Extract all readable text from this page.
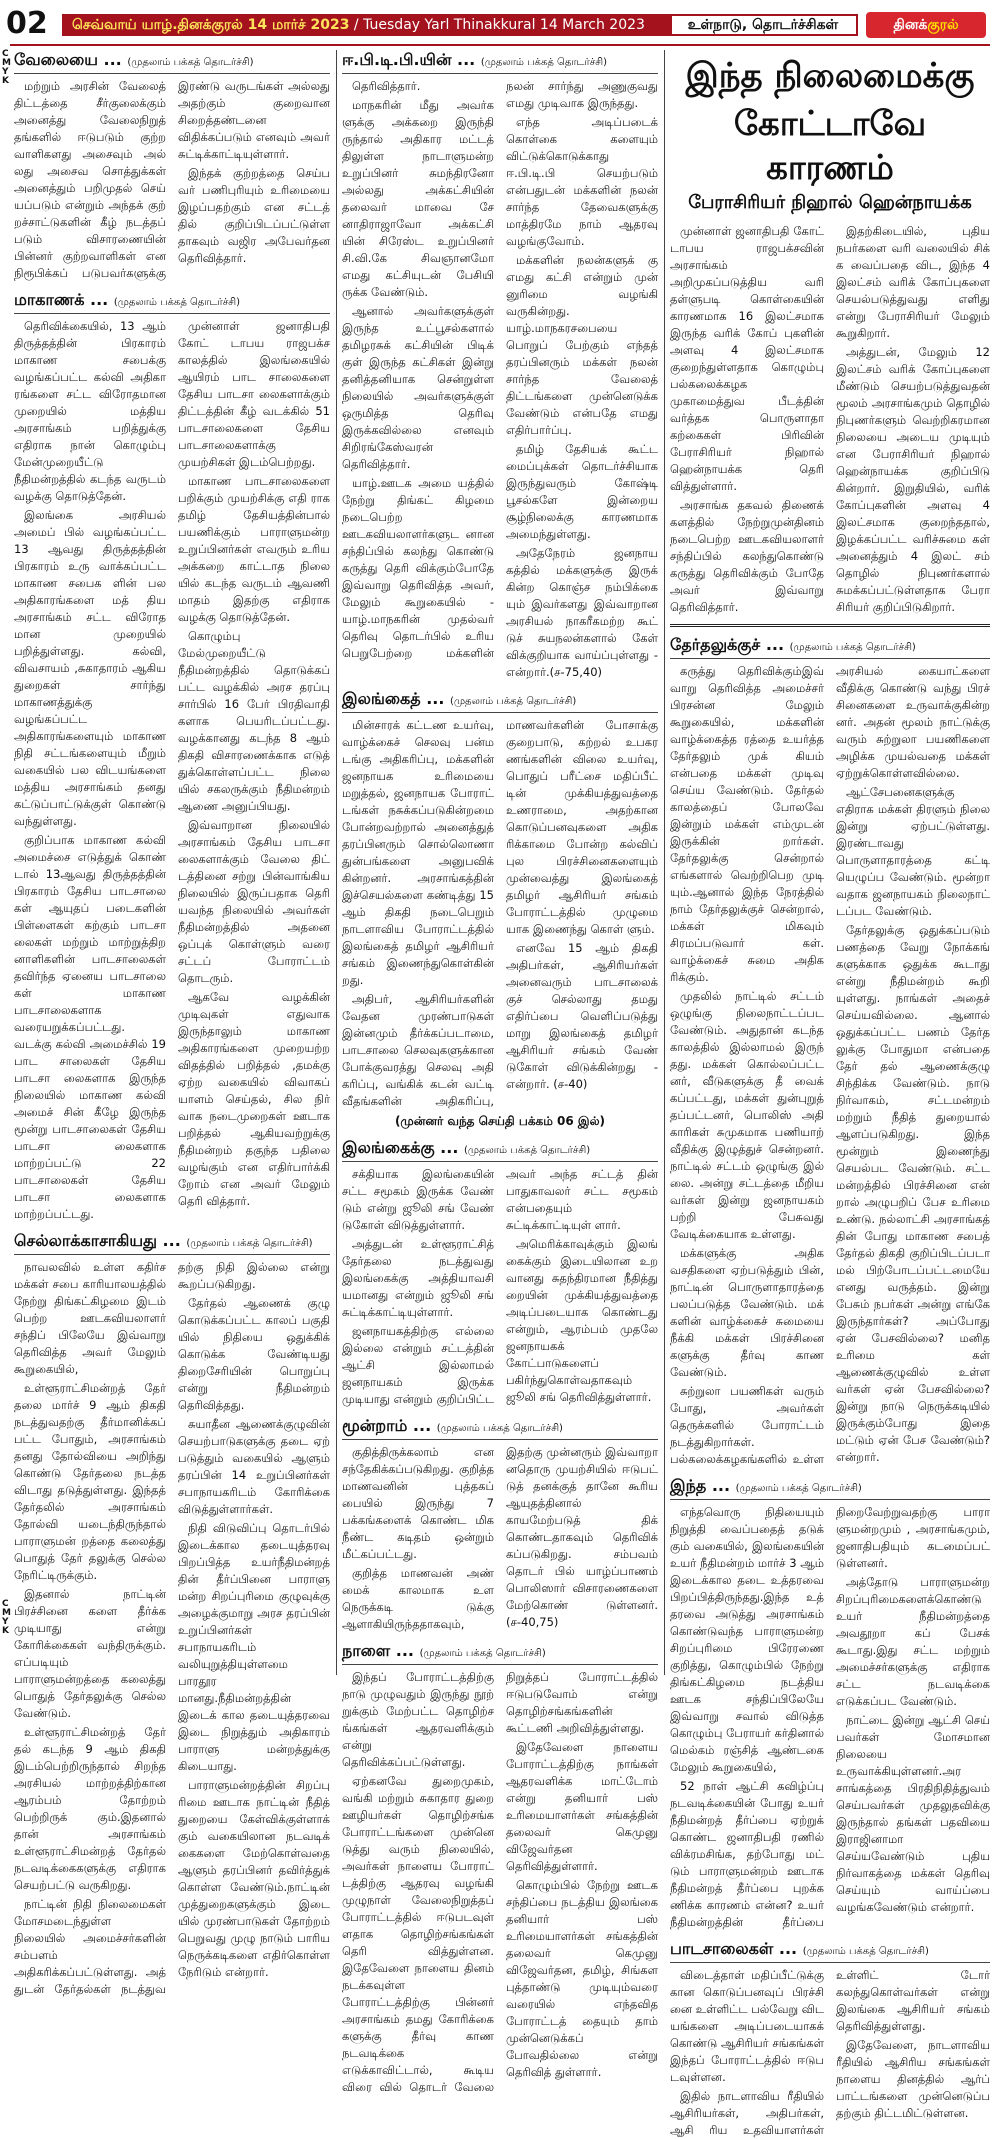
02	செவ்வாய் யாழ்.தினக்குரல் 14 மார்ச் 2023 / Tuesday Yarl Thinakkural 14 March 2023	உள்நாடு, தொடர்ச்சிகள்	தினக்குரல்
C
M
Y
K
C
M
Y
K
வேலையை ... (முதலாம் பக்கத் தொடர்ச்சி)

மற்றும் அரசின் வேலைத் திட்டத்தை சீர்குலைக்கும் அனைத்து வேலைநிறுத் தங்களில் ஈடுபடும் குற்ற வாளிகளது அசைவும் அல் லது அசைவ சொத்துக்கள் அனைத்தும் பறிமுதல் செய் யப்படும் என்றும் அந்தக் குற் றச்சாட்டுகளின் கீழ் நடத்தப் படும் விசாரணையின் பின்னர் குற்றவாளிகள் என நிரூபிக்கப் படுபவர்களுக்கு இரண்டு வருடங்கள் அல்லது அதற்கும் குறைவான சிறைத்தண்டனை விதிக்கப்படும் எனவும் அவர் சுட்டிக்காட்டியுள்ளார்.

இந்தக் குற்றத்தை செய்ப வர் பணிபுரியும் உரிமையை இழப்பதற்கும் என சட்டத் தில் குறிப்பிடப்பட்டுள்ள தாகவும் வஜிர அபேவர்தன தெரிவித்தார்.

மாகாணக் ... (முதலாம் பக்கத் தொடர்ச்சி)

தெரிவிக்கையில், 13 ஆம் திருத்தத்தின் பிரகாரம் மாகாண சபைக்கு வழங்கப்பட்ட கல்வி அதிகா ரங்களை சட்ட விரோதமான முறையில் மத்திய அரசாங்கம் பறித்துக்கு எதிராக நான் கொழும்பு மேன்முறையீட்டு நீதிமன்றத்தில் கடந்த வருடம் வழக்கு தொடுத்தேன்.

இலங்கை அரசியல் அமைப் பில் வழங்கப்பட்ட 13 ஆவது திருத்தத்தின் பிரகாரம் உரு வாக்கப்பட்ட மாகாண சபைக ளின் பல அதிகாரங்களை மத் திய அரசாங்கம் சட்ட விரோத மான முறையில் பறித்துள்ளது. கல்வி, விவசாயம் ,சுகாதாரம் ஆகிய துறைகள் சார்ந்து மாகாணத்துக்கு வழங்கப்பட்ட அதிகாரங்களையும் மாகாண நிதி சட்டங்களையும் மீறும் வகையில் பல விடயங்களை மத்திய அரசாங்கம் தனது கட்டுப்பாட்டுக்குள் கொண்டு வந்துள்ளது.

குறிப்பாக மாகாண கல்வி அமைச்சை எடுத்துக் கொண் டால் 13ஆவது திருத்தத்தின் பிரகாரம் தேசிய பாடசாலை கள் ஆயுதப் படைகளின் பிள்ளைகள் கற்கும் பாடசா லைகள் மற்றும் மாற்றுத்திற னாளிகளின் பாடசாலைகள் தவிர்ந்த ஏனைய பாடசாலை கள் மாகாண பாடசாலைகளாக வரையறுக்கப்பட்டது. வடக்கு கல்வி அமைச்சில் 19 பாட சாலைகள் தேசிய பாடசா லைகளாக இருந்த நிலையில் மாகாண கல்வி அமைச் சின் கீழே இருந்த மூன்று பாடசாலைகள் தேசிய பாடசா லைகளாக மாற்றப்பட்டு 22 பாடசாலைகள் தேசிய பாடசா லைகளாக மாற்றப்பட்டது.

முன்னாள் ஜனாதிபதி கோட் டாபய ராஜபக்ச காலத்தில் இலங்கையில் ஆயிரம் பாட சாலைகளை தேசிய பாடசா லைகளாக்கும் திட்டத்தின் கீழ் வடக்கில் 51 பாடசாலைகளை தேசிய பாடசாலைகளாக்கு முயற்சிகள் இடம்பெற்றது.

மாகாண பாடசாலைகளை பறிக்கும் முயற்சிக்கு எதி ராக தமிழ் தேசியத்தின்பால் பயணிக்கும் பாராளுமன்ற உறுப்பினர்கள் எவரும் உரிய அக்கறை காட்டாத நிலை யில் கடந்த வருடம் ஆவணி மாதம் இதற்கு எதிராக வழக்கு தொடுத்தேன்.

கொழும்பு மேல்முறையீட்டு நீதிமன்றத்தில் தொடுக்கப் பட்ட வழக்கில் அரச தரப்பு சார்பில் 16 பேர் பிரதிவாதி களாக பெயரிடப்பட்டது. வழக்கானது கடந்த 8 ஆம் திகதி விசாரணைக்காக எடுத் துக்கொள்ளப்பட்ட நிலை யில் சகலருக்கும் நீதிமன்றம் ஆணை அனுப்பியது.

இவ்வாறான நிலையில் அரசாங்கம் தேசிய பாடசா லைகளாக்கும் வேலை திட் டத்தினை சற்று பின்வாங்கிய நிலையில் இருப்பதாக தெரி யவந்த நிலையில் அவர்கள் நீதிமன்றத்தில் அதனை ஒப்புக் கொள்ளும் வரை சட்டப் போராட்டம் தொடரும்.

ஆகவே வழக்கின் முடிவுகள் எதுவாக இருந்தாலும் மாகாண அதிகாரங்களை முறையற்ற விதத்தில் பறித்தல் ,தமக்கு ஏற்ற வகையில் விவாகப் யாளம் செய்தல், சில நிர் வாக நடைமுறைகள் ஊடாக பறித்தல் ஆகியவற்றுக்கு நீதிமன்றம் தகுந்த பதிலை வழங்கும் என எதிர்பார்க்கி றோம் என அவர் மேலும் தெரி வித்தார்.

செல்லாக்காசாகியது ... (முதலாம் பக்கத் தொடர்ச்சி)

நாவலவில் உள்ள கதிர்ச மக்கள் சபை காரியாலயத்தில் நேற்று திங்கட்கிழமை இடம் பெற்ற ஊடகவியலாளர் சந்திப் பிலேயே இவ்வாறு தெரிவித்த அவர் மேலும் கூறுகையில்,

உள்ளூராட்சிமன்றத் தேர் தலை மார்ச் 9 ஆம் திகதி நடத்துவதற்கு தீர்மானிக்கப் பட்ட போதும், அரசாங்கம் தனது தோல்வியை அறிந்து கொண்டு தேர்தலை நடத்த விடாது தடுத்துள்ளது. இந்தத் தேர்தலில் அரசாங்கம் தோல்வி யடைந்திருந்தால் பாராளுமன் றத்தை கலைத்து பொதுத் தேர் தலுக்கு செல்ல நேரிட்டிருக்கும்.

இதனால் நாட்டின் பிரச்சினை களை தீர்க்க முடியாது என்று கோரிக்கைகள் வந்திருக்கும். எப்படியும் பாராளுமன்றத்தை கலைத்து பொதுத் தேர்தலுக்கு செல்ல வேண்டும்.

உள்ளூராட்சிமன்றத் தேர் தல் கடந்த 9 ஆம் திகதி இடம்பெற்றிருந்தால் சிறந்த அரசியல் மாற்றத்திற்கான ஆரம்பம் தோற்றம் பெற்றிருக் கும்.இதனால் தான் அரசாங்கம் உள்ளூராட்சிமன்றத் தேர்தல் நடவடிக்கைகளுக்கு எதிராக செயற்பட்டு வருகிறது.

நாட்டின் நிதி நிலைமைகள் மோசமடைந்துள்ள நிலையில் அமைச்சர்களின் சம்பளம் அதிகரிக்கப்பட்டுள்ளது. அத் துடன் தேர்தல்கள் நடத்துவ தற்கு நிதி இல்லை என்று கூறப்படுகிறது.

தேர்தல் ஆணைக் குழு கொடுக்கப்பட்ட காலப் பகுதி யில் நிதியை ஒதுக்கிக் கொடுக்க வேண்டியது திறைசேரியின் பொறுப்பு என்று நீதிமன்றம் தெரிவித்தது.

சுயாதீன ஆணைக்குழுவின் செயற்பாடுகளுக்கு தடை ஏற் படுத்தும் வகையில் ஆளும் தரப்பின் 14 உறுப்பினர்கள் சபாநாயகரிடம் கோரிக்கை விடுத்துள்ளார்கள்.

நிதி விடுவிப்பு தொடர்பில் இடைக்கால தடையுத்தரவு பிறப்பித்த உயர்நீதிமன்றத் தின் தீர்ப்பினை பாராளு மன்ற சிறப்புரிமை குழுவுக்கு அழைக்குமாறு அரச தரப்பின் உறுப்பினர்கள் சபாநாயகரிடம் வலியுறுத்தியுள்ளமை பாரதூர மானது.நீதிமன்றத்தின் இடைக் கால தடையுத்தரவை இடை நிறுத்தும் அதிகாரம் பாராளு மன்றத்துக்கு கிடையாது.

பாராளுமன்றத்தின் சிறப்பு ரிமை ஊடாக நாட்டின் நீதித் துறையை கேள்விக்குள்ளாக் கும் வகையிலான நடவடிக் கைகளை மேற்கொள்வதை ஆளும் தரப்பினர் தவிர்த்துக் கொள்ள வேண்டும்.நாட்டின் முத்துறைகளுக்கும் இடை யில் முரண்பாடுகள் தோற்றம் பெறுவது முழு நாடும் பாரிய நெருக்கடிகளை எதிர்கொள்ள நேரிடும் என்றார்.

ஈ.பி.டி.பி.யின் ... (முதலாம் பக்கத் தொடர்ச்சி)

தெரிவித்தார்.

மாநகரின் மீது அவர்க ளுக்கு அக்கறை இருந்தி ருந்தால் அதிகார மட்டத் திலுள்ள நாடாளுமன்ற உறுப்பினர் சுமந்திரனோ அல்லது அக்கட்சியின் தலைவர் மாவை சே னாதிராஜாவோ அக்கட்சி யின் சிரேஸ்ட உறுப்பினர் சி.வி.கே சிவஞானமோ எமது கட்சியுடன் பேசியி ருக்க வேண்டும்.

ஆனால் அவர்களுக்குள் இருந்த உட்பூசல்களால் தமிழரசுக் கட்சியின் பிடிக் குள் இருந்த கட்சிகள் இன்று தனித்தனியாக சென்றுள்ள நிலையில் அவர்களுக்குள் ஒருமித்த தெரிவு இருக்கவில்லை எனவும் சிறிரங்கேஸ்வரன் தெரிவித்தார்.

யாழ்.ஊடக அமை யத்தில் நேற்று திங்கட் கிழமை நடைபெற்ற ஊடகவியலாளர்களுட னான சந்திப்பில் கலந்து கொண்டு கருத்து தெரி விக்கும்போதே இவ்வாறு தெரிவித்த அவர், மேலும் கூறுகையில் - யாழ்.மாநகரின் முதல்வர் தெரிவு தொடர்பில் உரிய பெறுபேற்றை மக்களின் நலன் சார்ந்து அணுகுவது எமது முடிவாக இருந்தது.

எந்த அடிப்படைக் கொள்கை களையும் விட்டுக்கொடுக்காது ஈ.பி.டி.பி செயற்படும் என்பதுடன் மக்களின் நலன் சார்ந்த தேவைகளுக்கு மாத்திரமே நாம் ஆதரவு வழங்குவோம்.

மக்களின் நலன்களுக் கு எமது கட்சி என்றும் முன் னுரிமை வழங்கி வருகின்றது. யாழ்.மாநகரசபையை பொறுப் பேற்கும் எந்தத் தரப்பினரும் மக்கள் நலன் சார்ந்த வேலைத் திட்டங்களை முன்னெடுக்க வேண்டும் என்பதே எமது எதிர்பார்ப்பு.

தமிழ் தேசியக் கூட்ட மைப்புக்கள் தொடர்ச்சியாக இருந்துவரும் கோஷ்டி பூசல்களே இன்றைய சூழ்நிலைக்கு காரணமாக அமைந்துள்ளது.

அதேநேரம் ஜனநாய கத்தில் மக்களுக்கு இருக் கின்ற கொஞ்ச நம்பிக்கை யும் இவர்களது இவ்வாறான அரசியல் நாகரீகமற்ற கூட் டுச் சுயநலன்களால் கேள் விக்குறியாக வாய்ப்புள்ளது - என்றார்.(ச-75,40)

இலங்கைத் ... (முதலாம் பக்கத் தொடர்ச்சி)

மின்சாரக் கட்டண உயர்வு, வாழ்க்கைச் செலவு பன்ம டங்கு அதிகரிப்பு, மக்களின் ஜனநாயக உரிமையை மறுத்தல், ஜனநாயக போராட் டங்கள் நசுக்கப்படுகின்றமை போன்றவற்றால் அனைத்துத் தரப்பினரும் சொல்லொணா துன்பங்களை அனுபவிக் கின்றனர். அரசாங்கத்தின் இச்செயல்களை கண்டித்து 15 ஆம் திகதி நடைபெறும் நாடளாவிய போராட்டத்தில் இலங்கைத் தமிழர் ஆசிரியர் சங்கம் இணைந்துகொள்கின் றது.

அதிபர், ஆசிரியர்களின் வேதன முரண்பாடுகள் இன்னமும் தீர்க்கப்படாமை, பாடசாலை செலவுகளுக்கான போக்குவரத்து செலவு அதி கரிப்பு, வங்கிக் கடன் வட்டி வீதங்களின் அதிகரிப்பு, மாணவர்களின் போசாக்கு குறைபாடு, கற்றல் உபகர ணங்களின் விலை உயர்வு, பொதுப் பரீட்சை மதிப்பீட் டின் முக்கியத்துவத்தை உணராமை, அதற்கான கொடுப்பனவுகளை அதிக ரிக்காமை போன்ற கல்விப் புல பிரச்சினைகளையும் முன்வைத்து இலங்கைத் தமிழர் ஆசிரியர் சங்கம் போராட்டத்தில் முழுமை யாக இணைந்து கொள் ளும்.

எனவே 15 ஆம் திகதி அதிபர்கள், ஆசிரியர்கள் அனைவரும் பாடசாலைக் குச் செல்லாது தமது எதிர்ப்பை வெளிப்படுத்து மாறு இலங்கைத் தமிழர் ஆசிரியர் சங்கம் வேண் டுகோள் விடுக்கின்றது - என்றார். (ச-40)

(முன்னர் வந்த செய்தி பக்கம் 06 இல்)
இலங்கைக்கு ... (முதலாம் பக்கத் தொடர்ச்சி)

சக்தியாக இலங்கையின் சட்ட சமூகம் இருக்க வேண் டும் என்று ஜூலி சங் வேண் டுகோள் விடுத்துள்ளார்.

அத்துடன் உள்ளூராட்சித் தேர்தலை நடத்துவது இலங்கைக்கு அத்தியாவசி யமானது என்றும் ஜூலி சங் சுட்டிக்காட்டியுள்ளார்.

ஜனநாயகத்திற்கு எல்லை இல்லை என்றும் சட்டத்தின் ஆட்சி இல்லாமல் ஜனநாயகம் இருக்க முடியாது என்றும் குறிப்பிட்ட அவர் அந்த சட்டத் தின் பாதுகாவலர் சட்ட சமூகம் என்பதையும் சுட்டிக்காட்டியுள் ளார்.

அமெரிக்காவுக்கும் இலங் கைக்கும் இடையிலான உற வானது சுதந்திரமான நீதித்து றையின் முக்கியத்துவத்தை அடிப்படையாக கொண்டது என்றும், ஆரம்பம் முதலே ஜனநாயகக் கோட்பாடுகளைப் பகிர்ந்துகொள்வதாகவும் ஜூலி சங் தெரிவித்துள்ளார்.

மூன்றாம் ... (முதலாம் பக்கத் தொடர்ச்சி)

குதித்திருக்கலாம் என சந்தேகிக்கப்படுகிறது. குறித்த மாணவனின் புத்தகப் பையில் இருந்து 7 பக்கங்களைக் கொண்ட மிக நீண்ட கடிதம் ஒன்றும் மீட்கப்பட்டது.

குறித்த மாணவன் அண் மைக் காலமாக உள நெருக்கடி டுக்கு ஆளாகியிருந்ததாகவும், இதற்கு முன்னரும் இவ்வாறா னதொரு முயற்சியில் ஈடுபட் டுத் தனக்குத் தானே கூரிய ஆயுதத்தினால் காயமேற்படுத் திக் கொண்டதாகவும் தெரிவிக் கப்படுகிறது. சம்பவம் தொடர் பில் யாழ்ப்பாணம் பொலிஸார் விசாரணைகளை மேற்கொண் டுள்ளனர்.(ச-40,75)

நாளை ... (முதலாம் பக்கத் தொடர்ச்சி)

இந்தப் போராட்டத்திற்கு நாடு முழுவதும் இருந்து நூற் றுக்கும் மேற்பட்ட தொழிற்ச ங்கங்கள் ஆதரவளிக்கும் என்று தெரிவிக்கப்பட்டுள்ளது.

ஏற்கனவே துறைமுகம், வங்கி மற்றும் சுகாதார துறை ஊழியர்கள் தொழிற்சங்க போராட்டங்களை முன்னெ டுத்து வரும் நிலையில், அவர்கள் நாளைய போராட் டத்திற்கு ஆதரவு வழங்கி முழுநாள் வேலைநிறுத்தப் போராட்டத்தில் ஈடுபடவுள் ளதாக தொழிற்சங்கங்கள் தெரி வித்துள்ளன. இதேவேளை நாளைய தினம் நடக்கவுள்ள போராட்டத்திற்கு பின்னர் அரசாங்கம் தமது கோரிக்கை களுக்கு தீர்வு காண நடவடிக்கை எடுக்காவிட்டால், கூடிய விரை வில் தொடர் வேலை நிறுத்தப் போராட்டத்தில் ஈடுபடுவோம் என்று தொழிற்சங்கங்களின் கூட்டணி அறிவித்துள்ளது.

இதேவேளை நாளைய போராட்டத்திற்கு நாங்கள் ஆதரவளிக்க மாட்டோம் என்று தனியார் பஸ் உரிமையாளர்கள் சங்கத்தின் தலைவர் கெமுனு விஜேவர்தன தெரிவித்துள்ளார்.

கொழும்பில் நேற்று ஊடக சந்திப்பை நடத்திய இலங்கை தனியார் பஸ் உரிமையாளர்கள் சங்கத்தின் தலைவர் கெமுனு விஜேவர்தன, தமிழ், சிங்கள புத்தாண்டு முடியும்வரை வரையில் எந்தவித போராட்டத் தையும் தாம் முன்னெடுக்கப் போவதில்லை என்று தெரிவித் துள்ளார்.

இந்த நிலைமைக்கு
கோட்டாவே காரணம்
பேராசிரியர் நிஹால் ஹென்நாயக்க

முன்னாள் ஜனாதிபதி கோட் டாபய ராஜபக்சவின் அரசாங்கம் அறிமுகப்படுத்திய வரி தள்ளுபடி கொள்கையின் காரணமாக 16 இலட்சமாக இருந்த வரிக் கோப் புகளின் அளவு 4 இலட்சமாக குறைந்துள்ளதாக கொழும்பு பல்கலைக்கழக முகாமைத்துவ பீடத்தின் வர்த்தக பொருளாதா கற்கைகள் பிரிவின் பேராசிரியர் நிஹால் ஹென்நாயக்க தெரி வித்துள்ளார்.

அரசாங்க தகவல் திணைக் களத்தில் நேற்றுமுன்தினம் நடைபெற்ற ஊடகவியலாளர் சந்திப்பில் கலந்துகொண்டு கருத்து தெரிவிக்கும் போதே அவர் இவ்வாறு தெரிவித்தார்.

இதற்கிடையில், புதிய நபர்களை வரி வலையில் சிக் க வைப்பதை விட, இந்த 4 இலட்சம் வரிக் கோப்புகளை செயல்படுத்துவது எளிது என்று பேராசிரியர் மேலும் கூறுகிறார்.

அத்துடன், மேலும் 12 இலட்சம் வரிக் கோப்புகளை மீண்டும் செயற்படுத்துவதன் மூலம் அரசாங்கமும் தொழில் நிபுணர்களும் வெற்றிகரமான நிலையை அடைய முடியும் என பேராசிரியர் நிஹால் ஹென்நாயக்க குறிப்பிடு கின்றார். இறுதியில், வரிக் கோப்புகளின் அளவு 4 இலட்சமாக குறைந்ததால், இழக்கப்பட்ட வரிச்சுமை கள் அனைத்தும் 4 இலட் சம் தொழில் நிபுணர்களால் சுமக்கப்பட்டுள்ளதாக பேரா சிரியர் குறிப்பிடுகிறார்.

தேர்தலுக்குச் ... (முதலாம் பக்கத் தொடர்ச்சி)

கருத்து தெரிவிக்கும்இவ் வாறு தெரிவித்த அமைச்சர் பிரசன்ன மேலும் கூறுகையில், மக்களின் வாழ்க்கைத்த ரத்தை உயர்த்த தேர்தலும் முக் கியம் என்பதை மக்கள் முடிவு செய்ய வேண்டும். தேர்தல் காலத்தைப் போலவே இன்றும் மக்கள் எம்முடன் இருக்கின் றார்கள். தேர்தலுக்கு சென்றால் எங்களால் வெற்றிபெற முடி யும்.ஆனால் இந்த நேரத்தில் நாம் தேர்தலுக்குச் சென்றால், மக்கள் மிகவும் சிரமப்படுவார் கள். வாழ்க்கைச் சுமை அதிக ரிக்கும்.

முதலில் நாட்டில் சட்டம் ஒழுங்கு நிலைநாட்டப்பட வேண்டும். அதுதான் கடந்த காலத்தில் இல்லாமல் இருந் தது. மக்கள் கொல்லப்பட்ட னர், வீடுகளுக்கு தீ வைக் கப்பட்டது, மக்கள் துன்புறுத் தப்பட்டனர், பொலிஸ் அதி காரிகள் சுமுகமாக பணியாற் வீதிக்கு இழுத்துச் சென்றனர். நாட்டில் சட்டம் ஒழுங்கு இல் லை. அன்று சட்டத்தை மீறிய வர்கள் இன்று ஜனநாயகம் பற்றி பேசுவது வேடிக்கையாக உள்ளது.

மக்களுக்கு அதிக வசதிகளை ஏற்படுத்தும் பின், நாட்டின் பொருளாதாரத்தை பலப்படுத்த வேண்டும். மக் களின் வாழ்க்கைச் சுமையை நீக்கி மக்கள் பிரச்சினை களுக்கு தீர்வு காண வேண்டும்.

சுற்றுலா பயணிகள் வரும் போது, அவர்கள் தெருக்களில் போராட்டம் நடத்துகிறார்கள். பல்கலைக்கழகங்களில் உள்ள அரசியல் கையாட்களை வீதிக்கு கொண்டு வந்து பிரச் சினைகளை உருவாக்குகின்ற னர். அதன் மூலம் நாட்டுக்கு வரும் சுற்றுலா பயணிகளை அழிக்க முயல்வதை மக்கள் ஏற்றுக்கொள்ளவில்லை.

ஆட்சேபனைகளுக்கு எதிராக மக்கள் திரளும் நிலை இன்று ஏற்பட்டுள்ளது. இரண்டாவது பொருளாதாரத்தை கட்டி யெழுப்ப வேண்டும். மூன்றா வதாக ஜனநாயகம் நிலைநாட் டப்பட வேண்டும்.

தேர்தலுக்கு ஒதுக்கப்படும் பணத்தை வேறு நோக்கங் களுக்காக ஒதுக்க கூடாது என்று நீதிமன்றம் கூறி யுள்ளது. நாங்கள் அதைச் செய்யவில்லை. ஆனால் ஒதுக்கப்பட்ட பணம் தேர்த லுக்கு போதுமா என்பதை தேர் தல் ஆணைக்குழு சிந்திக்க வேண்டும். நாடு நிர்வாகம், சட்டமன்றம் மற்றும் நீதித் துறையால் ஆளப்படுகிறது. இந்த மூன்றும் இணைந்து செயல்பட வேண்டும். சட்ட மன்றத்தில் பிரச்சினை என் றால் அழுபறிப் பேச உரிமை உண்டு. நல்லாட்சி அரசாங்கத் தின் போது மாகாண சபைத் தேர்தல் திகதி குறிப்பிடப்படா மல் பிற்போடப்பட்டமையே எனது வருத்தம். இன்று பேசும் நபர்கள் அன்று எங்கே இருந்தார்கள்? அப்போது ஏன் பேசவில்லை? மனித உரிமை கள் ஆணைக்குழுவில் உள்ள வர்கள் ஏன் பேசவில்லை? இன்று நாடு நெருக்கடியில் இருக்கும்போது இதை மட்டும் ஏன் பேச வேண்டும்? என்றார்.

இந்த ... (முதலாம் பக்கத் தொடர்ச்சி)

எந்தவொரு நிதியையும் நிறுத்தி வைப்பதைத் தடுக் கும் வகையில், இலங்கையின் உயர் நீதிமன்றம் மார்ச் 3 ஆம் இடைக்கால தடை உத்தரவை பிறப்பித்திருந்தது.இந்த உத் தரவை அடுத்து அரசாங்கம் கொண்டுவந்த பாராளுமன்ற சிறப்புரிமை பிரேரணை குறித்து, கொழும்பில் நேற்று திங்கட்கிழமை நடத்திய ஊடக சந்திப்பிலேயே இவ்வாறு சவால் விடுத்த கொழும்பு பேராயர் கர்தினால் மெல்கம் ரஞ்சித் ஆண்டகை மேலும் கூறுகையில்,

52 நாள் ஆட்சி கவிழ்ப்பு நடவடிக்கையின் போது உயர் நீதிமன்றத் தீர்ப்பை ஏற்றுக் கொண்ட ஜனாதிபதி ரணில் விக்ரமசிங்க, தற்போது மட் டும் பாராளுமன்றம் ஊடாக நீதிமன்றத் தீர்ப்பை புறக்க ணிக்க காரணம் என்ன? உயர் நீதிமன்றத்தின் தீர்ப்பை நிறைவேற்றுவதற்கு பாரா ளுமன்றமும் , அரசாங்கமும், ஜனாதிபதியும் கடமைப்பட் டுள்ளனர்.

அத்தோடு பாராளுமன்ற சிறப்புரிமைகளைக்கொண்டு உயர் நீதிமன்றத்தை அவதூறா கப் பேசக் கூடாது.இது சட்ட மற்றும் அமைச்சர்களுக்கு எதிராக சட்ட நடவடிக்கை எடுக்கப்பட வேண்டும்.

நாட்டை இன்று ஆட்சி செய் பவர்கள் மோசமான நிலையை உருவாக்கியுள்ளனர்.அர சாங்கத்தை பிரதிநிதித்துவம் செய்பவர்கள் முதலுதவிக்கு இருந்தால் தங்கள் பதவியை இராஜினாமா செய்யவேண்டும் புதிய நிர்வாகத்தை மக்கள் தெரிவு செய்யும் வாய்ப்பை வழங்கவேண்டும் என்றார்.

பாடசாலைகள் ... (முதலாம் பக்கத் தொடர்ச்சி)

விடைத்தாள் மதிப்பீட்டுக்கு கான கொடுப்பனவுப் பிரச்சி னை உள்ளிட்ட பல்வேறு விட யங்களை அடிப்படையாகக் கொண்டு ஆசிரியர் சங்கங்கள் இந்தப் போராட்டத்தில் ஈடுப டவுள்ளன.

இதில் நாடளாவிய ரீதியில் ஆசிரியர்கள், அதிபர்கள், ஆசி ரிய உதவியாளர்கள் உள்ளிட் டோர் கலந்துகொள்வர்கள் என்று இலங்கை ஆசிரியர் சங்கம் தெரிவித்துள்ளது.

இதேவேளை, நாடளாவிய ரீதியில் ஆசிரிய சங்கங்கள் நாளைய தினத்தில் ஆர்ப் பாட்டங்களை முன்னெடுப்ப தற்கும் திட்டமிட்டுள்ளன.
